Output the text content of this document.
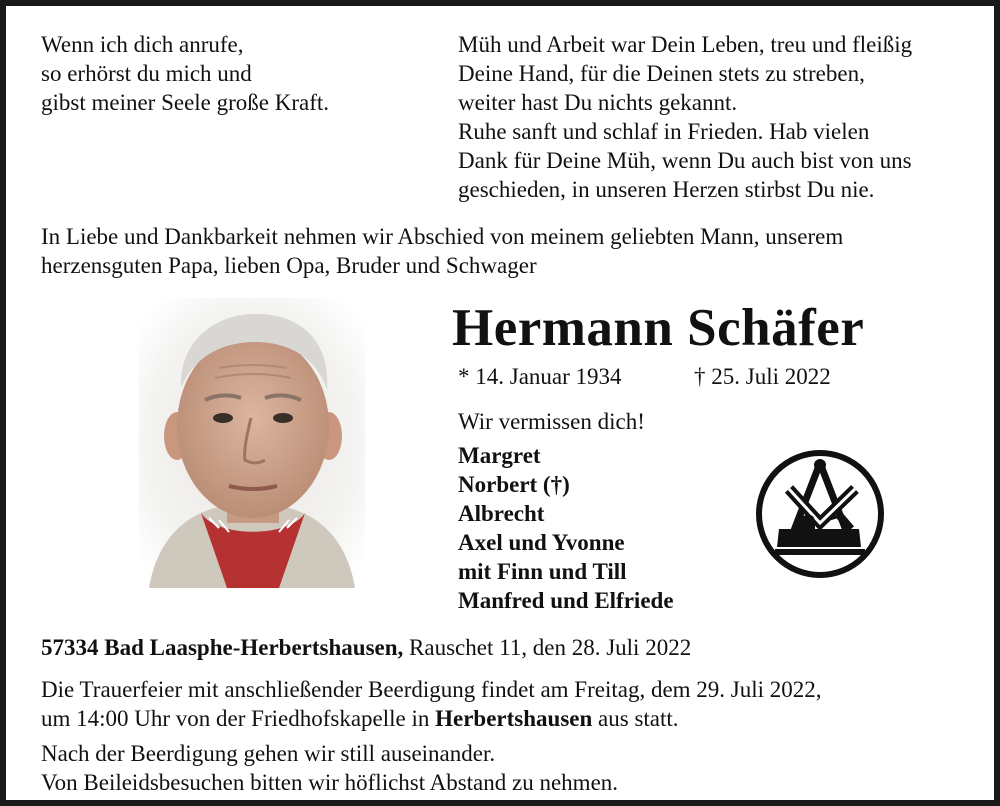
Wenn ich dich anrufe,
so erhörst du mich und
gibst meiner Seele große Kraft.
Müh und Arbeit war Dein Leben, treu und fleißig
Deine Hand, für die Deinen stets zu streben,
weiter hast Du nichts gekannt.
Ruhe sanft und schlaf in Frieden. Hab vielen
Dank für Deine Müh, wenn Du auch bist von uns
geschieden, in unseren Herzen stirbst Du nie.
In Liebe und Dankbarkeit nehmen wir Abschied von meinem geliebten Mann, unserem
herzensguten Papa, lieben Opa, Bruder und Schwager
Hermann Schäfer
* 14. Januar 1934	† 25. Juli 2022
Wir vermissen dich!
Margret
Norbert (†)
Albrecht
Axel und Yvonne
mit Finn und Till
Manfred und Elfriede
57334 Bad Laasphe-Herbertshausen, Rauschet 11, den 28. Juli 2022
Die Trauerfeier mit anschließender Beerdigung findet am Freitag, dem 29. Juli 2022,
um 14:00 Uhr von der Friedhofskapelle in Herbertshausen aus statt.
Nach der Beerdigung gehen wir still auseinander.
Von Beileidsbesuchen bitten wir höflichst Abstand zu nehmen.
